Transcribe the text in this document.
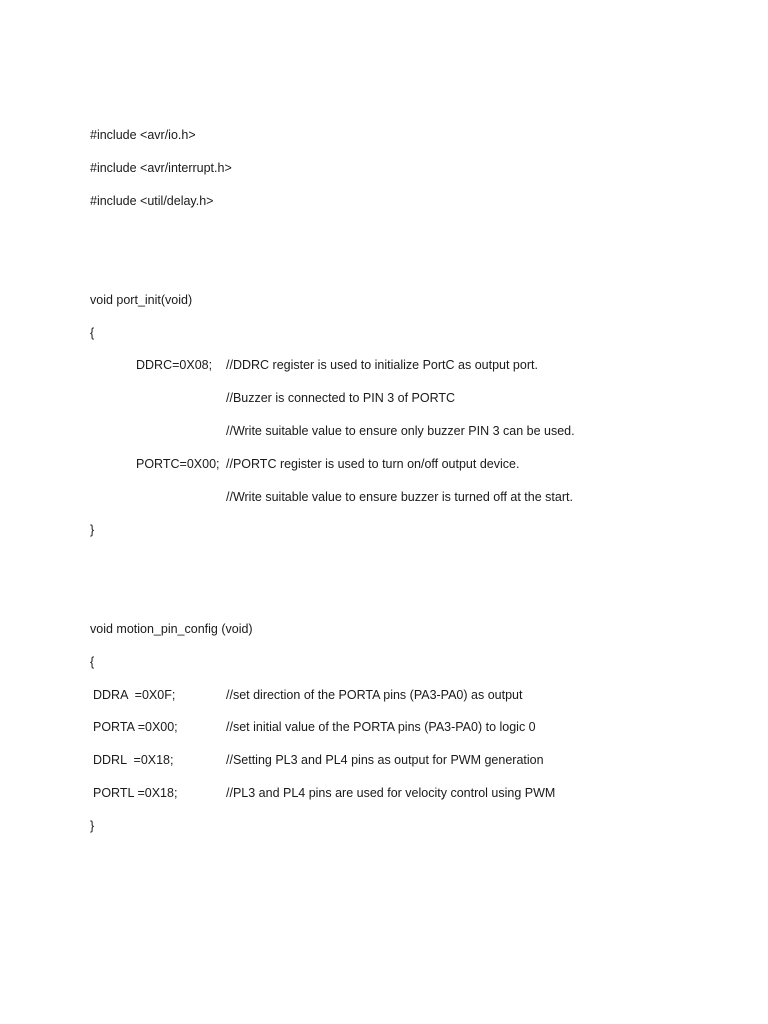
#include <avr/io.h>
#include <avr/interrupt.h>
#include <util/delay.h>
void port_init(void)
{
DDRC=0X08; //DDRC register is used to initialize PortC as output port.
//Buzzer is connected to PIN 3 of PORTC
//Write suitable value to ensure only buzzer PIN 3 can be used.
PORTC=0X00; //PORTC register is used to turn on/off output device.
//Write suitable value to ensure buzzer is turned off at the start.
}
void motion_pin_config (void)
{
DDRA  =0X0F;	//set direction of the PORTA pins (PA3-PA0) as output
PORTA =0X00;	//set initial value of the PORTA pins (PA3-PA0) to logic 0
DDRL  =0X18;	//Setting PL3 and PL4 pins as output for PWM generation
PORTL =0X18;	//PL3 and PL4 pins are used for velocity control using PWM
}
